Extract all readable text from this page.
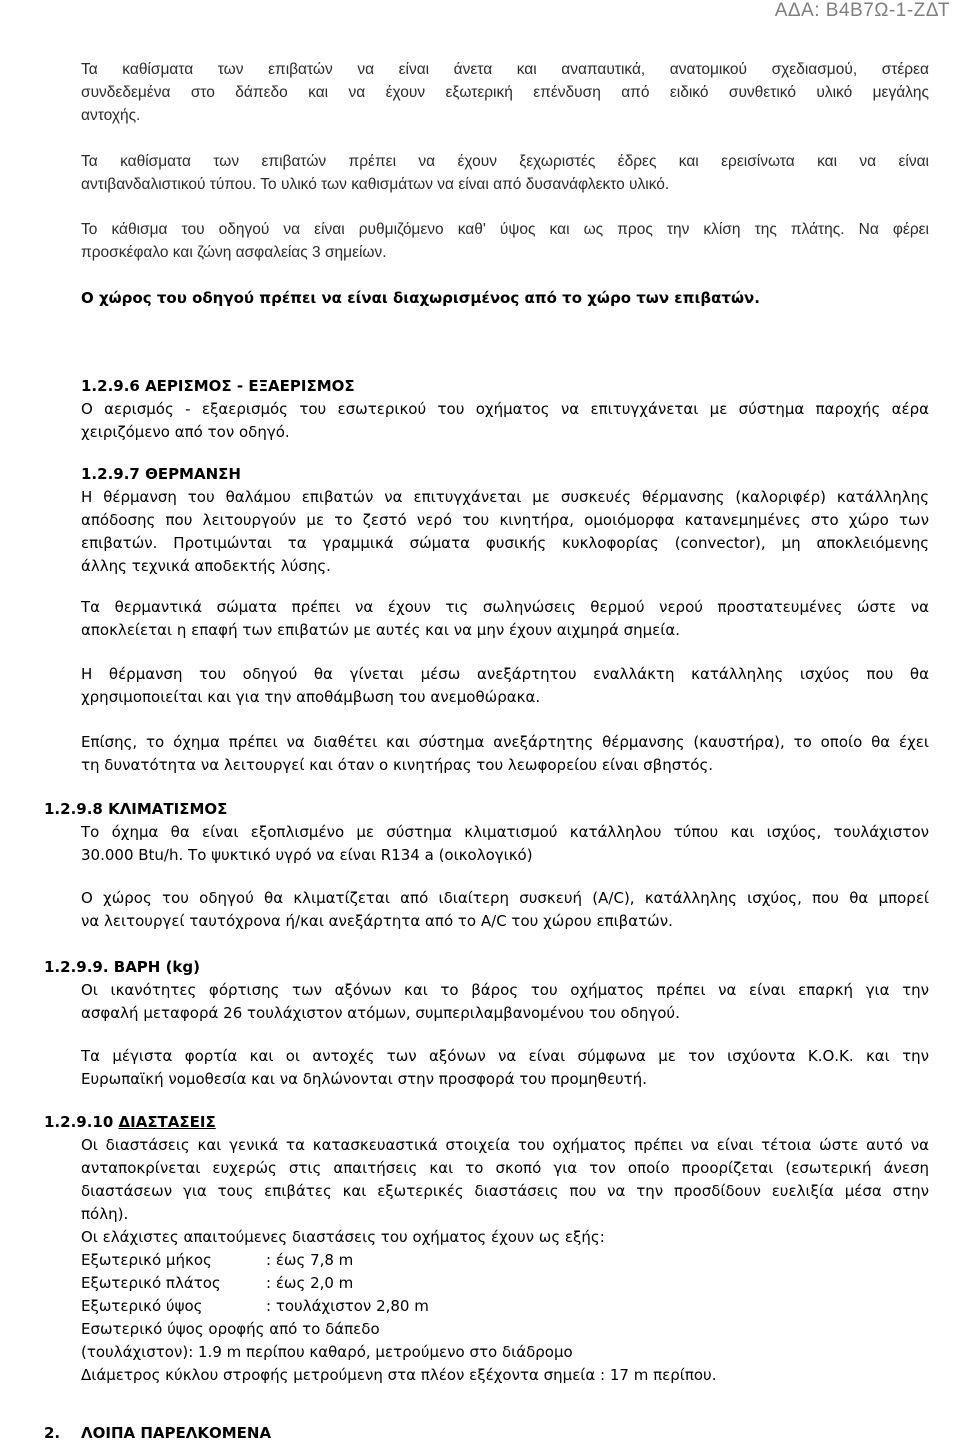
ΑΔΑ: Β4Β7Ω-1-ΖΔΤ

Τα καθίσματα των επιβατών να είναι άνετα και αναπαυτικά, ανατομικού σχεδιασμού, στέρεα
συνδεδεμένα στο δάπεδο και να έχουν εξωτερική επένδυση από ειδικό συνθετικό υλικό μεγάλης
αντοχής.

Τα καθίσματα των επιβατών πρέπει να έχουν ξεχωριστές έδρες και ερεισίνωτα και να είναι
αντιβανδαλιστικού τύπου. Το υλικό των καθισμάτων να είναι από δυσανάφλεκτο υλικό.

Το κάθισμα του οδηγού να είναι ρυθμιζόμενο καθ' ύψος και ως προς την κλίση της πλάτης. Να φέρει
προσκέφαλο και ζώνη ασφαλείας 3 σημείων.

Ο χώρος του οδηγού πρέπει να είναι διαχωρισμένος από το χώρο των επιβατών.

1.2.9.6 ΑΕΡΙΣΜΟΣ - ΕΞΑΕΡΙΣΜΟΣ

Ο αερισμός - εξαερισμός του εσωτερικού του οχήματος να επιτυγχάνεται με σύστημα παροχής αέρα
χειριζόμενο από τον οδηγό.

1.2.9.7 ΘΕΡΜΑΝΣΗ

Η θέρμανση του θαλάμου επιβατών να επιτυγχάνεται με συσκευές θέρμανσης (καλοριφέρ) κατάλληλης
απόδοσης που λειτουργούν με το ζεστό νερό του κινητήρα, ομοιόμορφα κατανεμημένες στο χώρο των
επιβατών. Προτιμώνται τα γραμμικά σώματα φυσικής κυκλοφορίας (convector), μη αποκλειόμενης
άλλης τεχνικά αποδεκτής λύσης.

Τα θερμαντικά σώματα πρέπει να έχουν τις σωληνώσεις θερμού νερού προστατευμένες ώστε να
αποκλείεται η επαφή των επιβατών με αυτές και να μην έχουν αιχμηρά σημεία.

Η θέρμανση του οδηγού θα γίνεται μέσω ανεξάρτητου εναλλάκτη κατάλληλης ισχύος που θα
χρησιμοποιείται και για την αποθάμβωση του ανεμοθώρακα.

Επίσης, το όχημα πρέπει να διαθέτει και σύστημα ανεξάρτητης θέρμανσης (καυστήρα), το οποίο θα έχει
τη δυνατότητα να λειτουργεί και όταν ο κινητήρας του λεωφορείου είναι σβηστός.

1.2.9.8 ΚΛΙΜΑΤΙΣΜΟΣ

Το όχημα θα είναι εξοπλισμένο με σύστημα κλιματισμού κατάλληλου τύπου και ισχύος, τουλάχιστον
30.000 Btu/h. Το ψυκτικό υγρό να είναι R134 a (οικολογικό)

Ο χώρος του οδηγού θα κλιματίζεται από ιδιαίτερη συσκευή (A/C), κατάλληλης ισχύος, που θα μπορεί
να λειτουργεί ταυτόχρονα ή/και ανεξάρτητα από το A/C του χώρου επιβατών.

1.2.9.9. ΒΑΡΗ (kg)

Οι ικανότητες φόρτισης των αξόνων και το βάρος του οχήματος πρέπει να είναι επαρκή για την
ασφαλή μεταφορά 26 τουλάχιστον ατόμων, συμπεριλαμβανομένου του οδηγού.

Τα μέγιστα φορτία και οι αντοχές των αξόνων να είναι σύμφωνα με τον ισχύοντα Κ.Ο.Κ. και την
Ευρωπαϊκή νομοθεσία και να δηλώνονται στην προσφορά του προμηθευτή.

1.2.9.10 ΔΙΑΣΤΑΣΕΙΣ

Οι διαστάσεις και γενικά τα κατασκευαστικά στοιχεία του οχήματος πρέπει να είναι τέτοια ώστε αυτό να
ανταποκρίνεται ευχερώς στις απαιτήσεις και το σκοπό για τον οποίο προορίζεται (εσωτερική άνεση
διαστάσεων για τους επιβάτες και εξωτερικές διαστάσεις που να την προσδίδουν ευελιξία μέσα στην
πόλη).

Οι ελάχιστες απαιτούμενες διαστάσεις του οχήματος έχουν ως εξής:

Εξωτερικό μήκος	: έως 7,8 m
Εξωτερικό πλάτος	: έως 2,0 m
Εξωτερικό ύψος	: τουλάχιστον 2,80 m

Εσωτερικό ύψος οροφής από το δάπεδο

(τουλάχιστον): 1.9 m περίπου καθαρό, μετρούμενο στο διάδρομο

Διάμετρος κύκλου στροφής μετρούμενη στα πλέον εξέχοντα σημεία : 17 m περίπου.

2. ΛΟΙΠΑ ΠΑΡΕΛΚΟΜΕΝΑ
